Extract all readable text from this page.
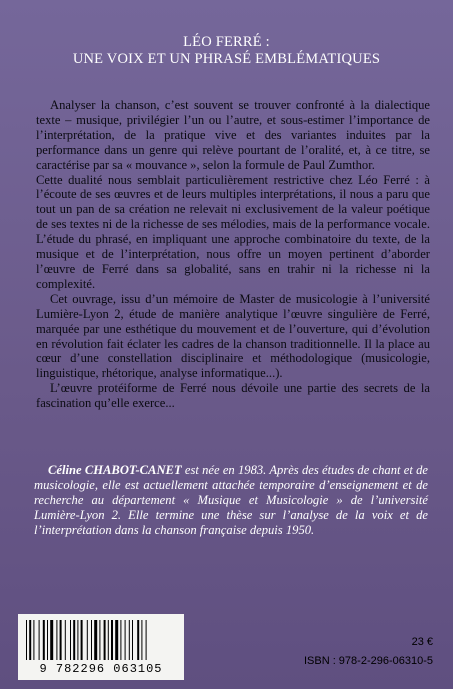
LÉO FERRÉ :
UNE VOIX ET UN PHRASÉ EMBLÉMATIQUES

Analyser la chanson, c’est souvent se trouver confronté à la dialectique texte – musique, privilégier l’un ou l’autre, et sous-estimer l’importance de l’interprétation, de la pratique vive et des variantes induites par la performance dans un genre qui relève pourtant de l’oralité, et, à ce titre, se caractérise par sa « mouvance », selon la formule de Paul Zumthor.

Cette dualité nous semblait particulièrement restrictive chez Léo Ferré : à l’écoute de ses œuvres et de leurs multiples interprétations, il nous a paru que tout un pan de sa création ne relevait ni exclusivement de la valeur poétique de ses textes ni de la richesse de ses mélodies, mais de la performance vocale. L’étude du phrasé, en impliquant une approche combinatoire du texte, de la musique et de l’interprétation, nous offre un moyen pertinent d’aborder l’œuvre de Ferré dans sa globalité, sans en trahir ni la richesse ni la complexité.

Cet ouvrage, issu d’un mémoire de Master de musicologie à l’université Lumière-Lyon 2, étude de manière analytique l’œuvre singulière de Ferré, marquée par une esthétique du mouvement et de l’ouverture, qui d’évolution en révolution fait éclater les cadres de la chanson traditionnelle. Il la place au cœur d’une constellation disciplinaire et méthodologique (musicologie, linguistique, rhétorique, analyse informatique...).

L’œuvre protéiforme de Ferré nous dévoile une partie des secrets de la fascination qu’elle exerce...

Céline CHABOT-CANET est née en 1983. Après des études de chant et de musicologie, elle est actuellement attachée temporaire d’enseignement et de recherche au département « Musique et Musicologie » de l’université Lumière-Lyon 2. Elle termine une thèse sur l’analyse de la voix et de l’interprétation dans la chanson française depuis 1950.
9 782296 063105
23 €
ISBN : 978-2-296-06310-5
